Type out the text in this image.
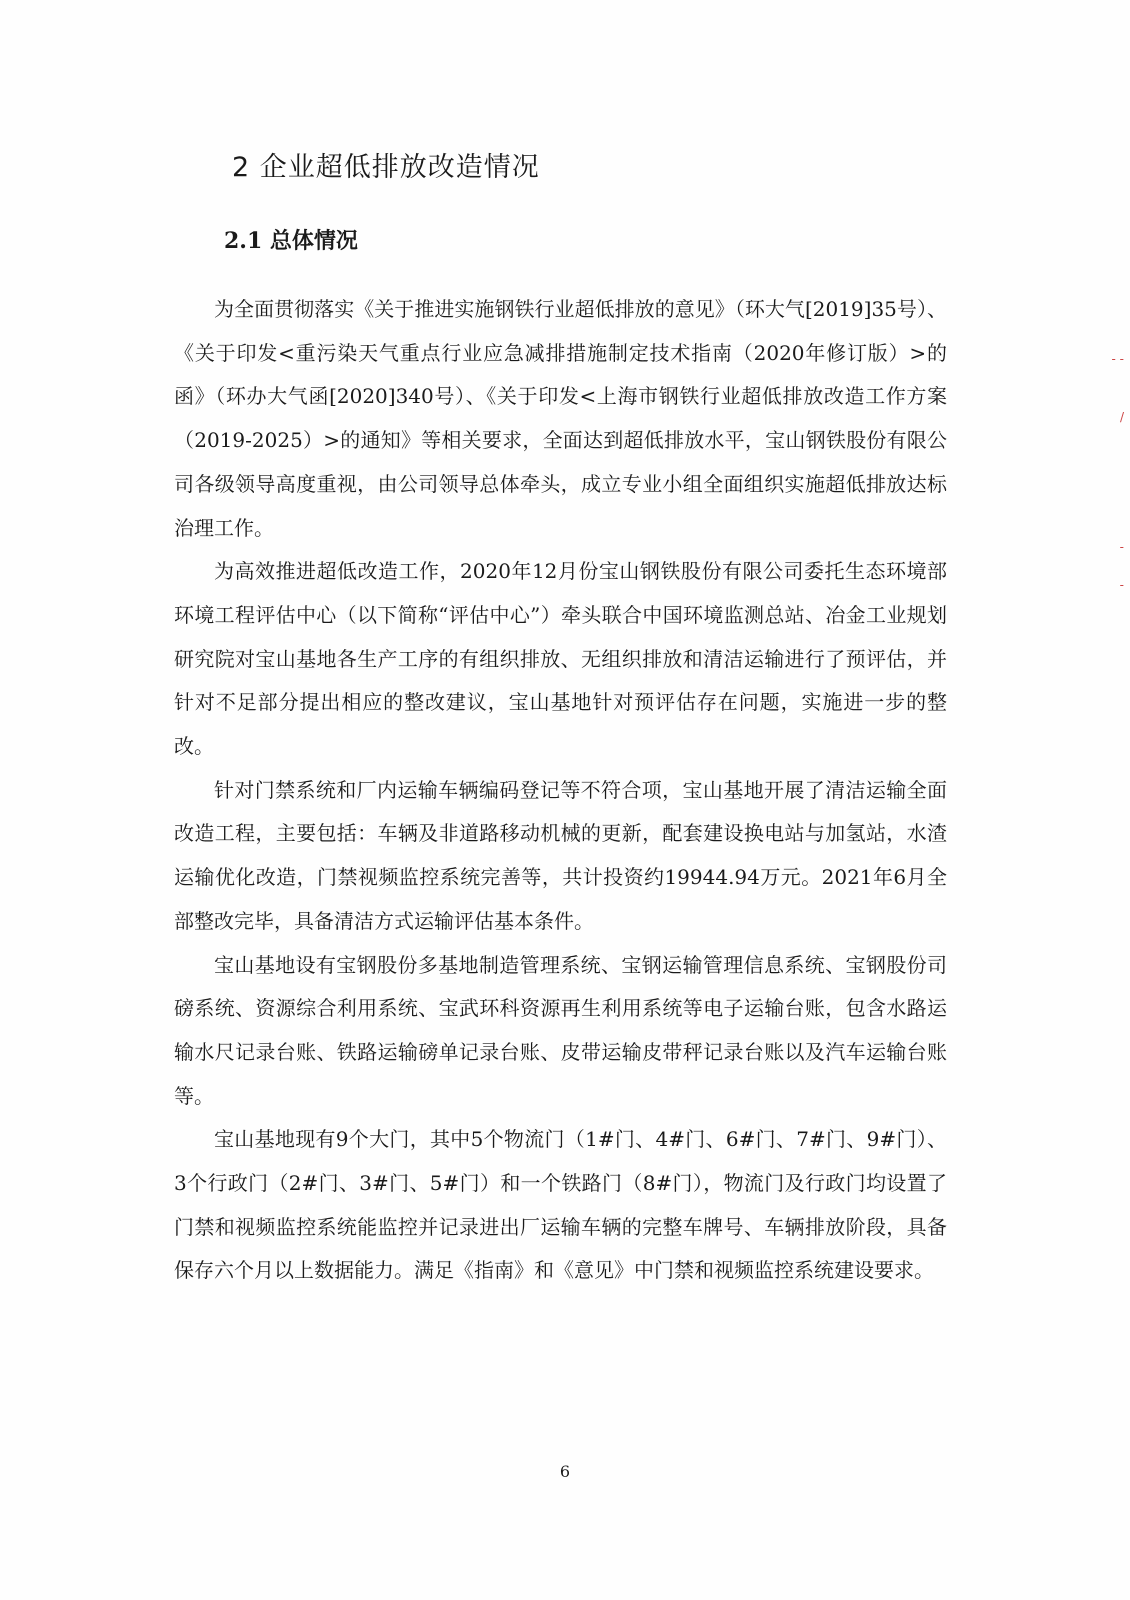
2 企业超低排放改造情况
2.1 总体情况

为全面贯彻落实《关于推进实施钢铁行业超低排放的意见》（环大气[2019]35号）、《关于印发<重污染天气重点行业应急减排措施制定技术指南（2020年修订版）>的函》（环办大气函[2020]340号）、《关于印发<上海市钢铁行业超低排放改造工作方案（2019-2025）>的通知》等相关要求，全面达到超低排放水平，宝山钢铁股份有限公司各级领导高度重视，由公司领导总体牵头，成立专业小组全面组织实施超低排放达标治理工作。

为高效推进超低改造工作，2020年12月份宝山钢铁股份有限公司委托生态环境部环境工程评估中心（以下简称“评估中心”）牵头联合中国环境监测总站、冶金工业规划研究院对宝山基地各生产工序的有组织排放、无组织排放和清洁运输进行了预评估，并针对不足部分提出相应的整改建议，宝山基地针对预评估存在问题，实施进一步的整改。

针对门禁系统和厂内运输车辆编码登记等不符合项，宝山基地开展了清洁运输全面改造工程，主要包括：车辆及非道路移动机械的更新，配套建设换电站与加氢站，水渣运输优化改造，门禁视频监控系统完善等，共计投资约19944.94万元。2021年6月全部整改完毕，具备清洁方式运输评估基本条件。

宝山基地设有宝钢股份多基地制造管理系统、宝钢运输管理信息系统、宝钢股份司磅系统、资源综合利用系统、宝武环科资源再生利用系统等电子运输台账，包含水路运输水尺记录台账、铁路运输磅单记录台账、皮带运输皮带秤记录台账以及汽车运输台账等。

宝山基地现有9个大门，其中5个物流门（1#门、4#门、6#门、7#门、9#门）、3个行政门（2#门、3#门、5#门）和一个铁路门（8#门），物流门及行政门均设置了门禁和视频监控系统能监控并记录进出厂运输车辆的完整车牌号、车辆排放阶段，具备保存六个月以上数据能力。满足《指南》和《意见》中门禁和视频监控系统建设要求。

- -
/
-
-
6
